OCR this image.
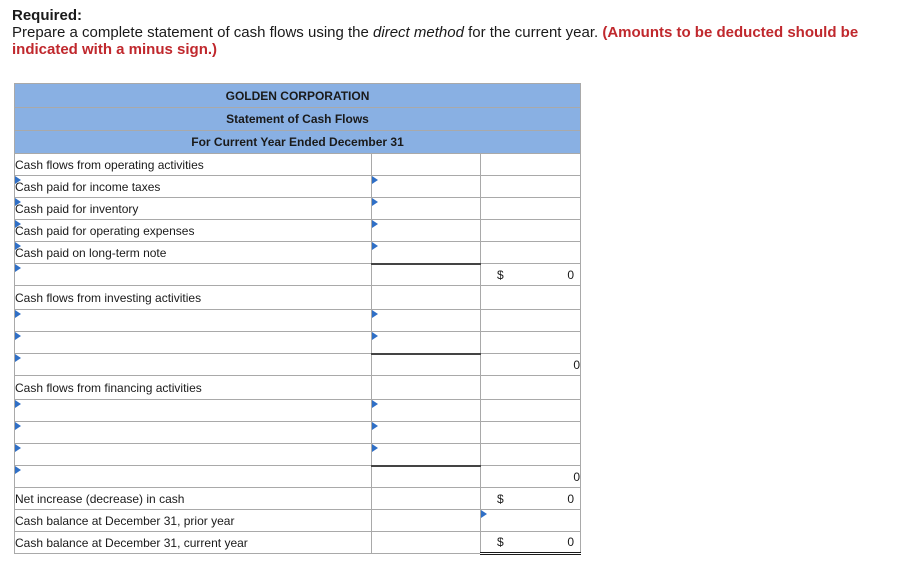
Required:
Prepare a complete statement of cash flows using the direct method for the current year. (Amounts to be deducted should be indicated with a minus sign.)
GOLDEN CORPORATION		
Statement of Cash Flows		
For Current Year Ended December 31		
Cash flows from operating activities		
Cash paid for income taxes		
Cash paid for inventory		
Cash paid for operating expenses		
Cash paid on long-term note		

		$ 0

Cash flows from investing activities		

		0
Cash flows from financing activities		

		0
Net increase (decrease) in cash		$ 0

Cash balance at December 31, prior year		
Cash balance at December 31, current year		$ 0
